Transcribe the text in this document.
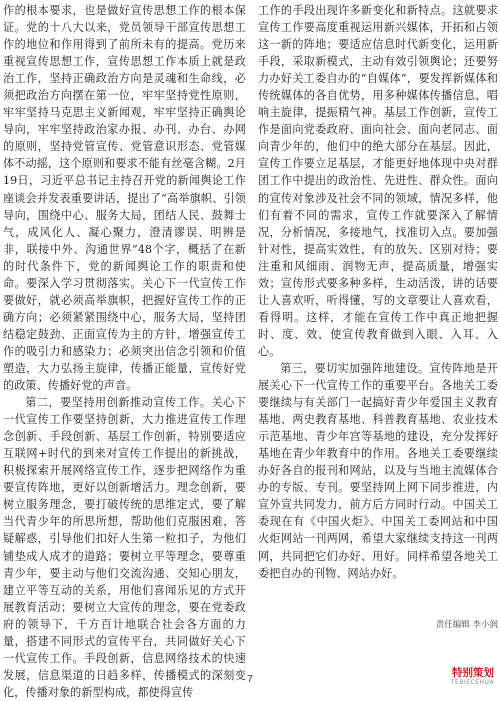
作的根本要求，也是做好宣传思想工作的根本保证。党的十八大以来，党员领导干部宣传思想工作的地位和作用得到了前所未有的提高。党历来重视宣传思想工作，宣传思想工作本质上就是政治工作，坚持正确政治方向是灵魂和生命线，必须把政治方向摆在第一位，牢牢坚持党性原则，牢牢坚持马克思主义新闻观，牢牢坚持正确舆论导向，牢牢坚持政治家办报、办刊、办台、办网的原则，坚持党管宣传、党管意识形态、党管媒体不动摇，这个原则和要求不能有丝毫含糊。2月19日，习近平总书记主持召开党的新闻舆论工作座谈会并发表重要讲话，提出了“高举旗帜、引领导向，围绕中心、服务大局，团结人民、鼓舞士气，成风化人、凝心聚力，澄清谬误、明辨是非，联接中外、沟通世界”48个字，概括了在新的时代条件下，党的新闻舆论工作的职责和使命。要深入学习贯彻落实。关心下一代宣传工作要做好，就必须高举旗帜，把握好宣传工作的正确方向；必须紧紧围绕中心，服务大局，坚持团结稳定鼓劲、正面宣传为主的方针，增强宣传工作的吸引力和感染力；必须突出信念引领和价值塑造，大力弘扬主旋律，传播正能量，宣传好党的政策、传播好党的声音。

第二，要坚持用创新推动宣传工作。关心下一代宣传工作要坚持创新，大力推进宣传工作理念创新、手段创新、基层工作创新，特别要适应互联网+时代的到来对宣传工作提出的新挑战，积极探索开展网络宣传工作，逐步把网络作为重要宣传阵地，更好以创新增活力。理念创新，要树立服务理念，要打破传统的思维定式，要了解当代青少年的所思所想，帮助他们克服困难，答疑解惑，引导他们扣好人生第一粒扣子，为他们铺垫成人成才的道路；要树立平等理念，要尊重青少年，要主动与他们交流沟通、交知心朋友，建立平等互动的关系，用他们喜闻乐见的方式开展教育活动；要树立大宣传的理念，要在党委政府的领导下，千方百计地联合社会各方面的力量，搭建不同形式的宣传平台，共同做好关心下一代宣传工作。手段创新，信息网络技术的快速发展，信息渠道的日趋多样，传播模式的深刻变化，传播对象的新型构成，都使得宣传

工作的手段出现许多新变化和新特点。这就要求宣传工作要高度重视运用新兴媒体，开拓和占领这一新的阵地；要适应信息时代新变化，运用新手段，采取新模式，主动有效引领舆论；还要努力办好关工委自办的“自媒体”，要发挥新媒体和传统媒体的各自优势，用多种媒体传播信息，唱响主旋律，提振精气神。基层工作创新，宣传工作是面向党委政府、面向社会、面向老同志、面向青少年的，他们中的绝大部分在基层。因此，宣传工作要立足基层，才能更好地体现中央对群团工作中提出的政治性、先进性、群众性。面向的宣传对象涉及社会不同的领域，情况多样，他们有着不同的需求，宣传工作就要深入了解情况，分析情况，多接地气，找准切入点。要加强针对性，提高实效性，有的放矢、区别对待；要注重和风细雨、润物无声，提高质量，增强实效；宣传形式要多种多样，生动活泼，讲的话要让人喜欢听，听得懂，写的文章要让人喜欢看，看得明。这样，才能在宣传工作中真正地把握时、度、效，使宣传教育做到入眼、入耳、入心。

第三，要切实加强阵地建设。宣传阵地是开展关心下一代宣传工作的重要平台。各地关工委要继续与有关部门一起搞好青少年爱国主义教育基地、两史教育基地、科普教育基地、农业技术示范基地、青少年宫等基地的建设，充分发挥好基地在青少年教育中的作用。各地关工委要继续办好各自的报刊和网站，以及与当地主流媒体合办的专版、专刊。要坚持网上网下同步推进，内宣外宣共同发力，前方后方同时行动。中国关工委现在有《中国火炬》、中国关工委网站和中国火炬网站一刊两网，希望大家继续支持这一刊两网，共同把它们办好、用好。同样希望各地关工委把自办的刊物、网站办好。

责任编辑 李小润
7
特别策划
TEBIECEHUA
